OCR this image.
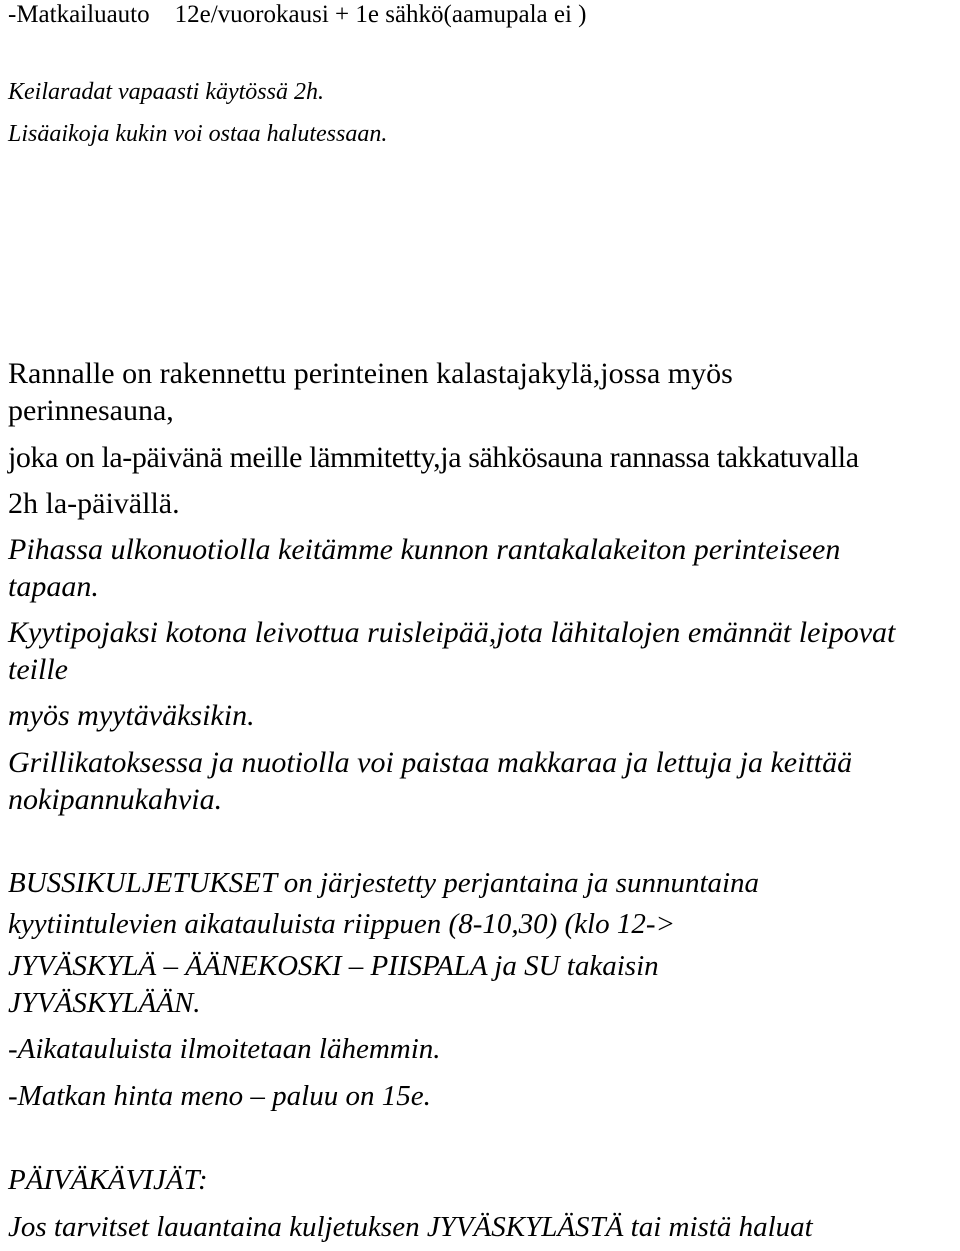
-Matkailuauto    12e/vuorokausi + 1e sähkö(aamupala ei )

Keilaradat vapaasti käytössä 2h.

Lisäaikoja kukin voi ostaa halutessaan.

Rannalle on rakennettu perinteinen kalastajakylä,jossa myös

perinnesauna,

joka on la-päivänä meille lämmitetty,ja sähkösauna rannassa takkatuvalla

2h la-päivällä.

Pihassa ulkonuotiolla keitämme kunnon rantakalakeiton perinteiseen

tapaan.

Kyytipojaksi kotona leivottua ruisleipää,jota lähitalojen emännät leipovat

teille

myös myytäväksikin.

Grillikatoksessa ja nuotiolla voi paistaa makkaraa ja lettuja ja keittää

nokipannukahvia.

BUSSIKULJETUKSET on järjestetty perjantaina ja sunnuntaina

kyytiintulevien aikatauluista riippuen (8-10,30) (klo 12->

JYVÄSKYLÄ – ÄÄNEKOSKI – PIISPALA ja SU takaisin

JYVÄSKYLÄÄN.

-Aikatauluista ilmoitetaan lähemmin.

-Matkan hinta meno – paluu on 15e.

PÄIVÄKÄVIJÄT:

Jos tarvitset lauantaina kuljetuksen JYVÄSKYLÄSTÄ tai mistä haluat
